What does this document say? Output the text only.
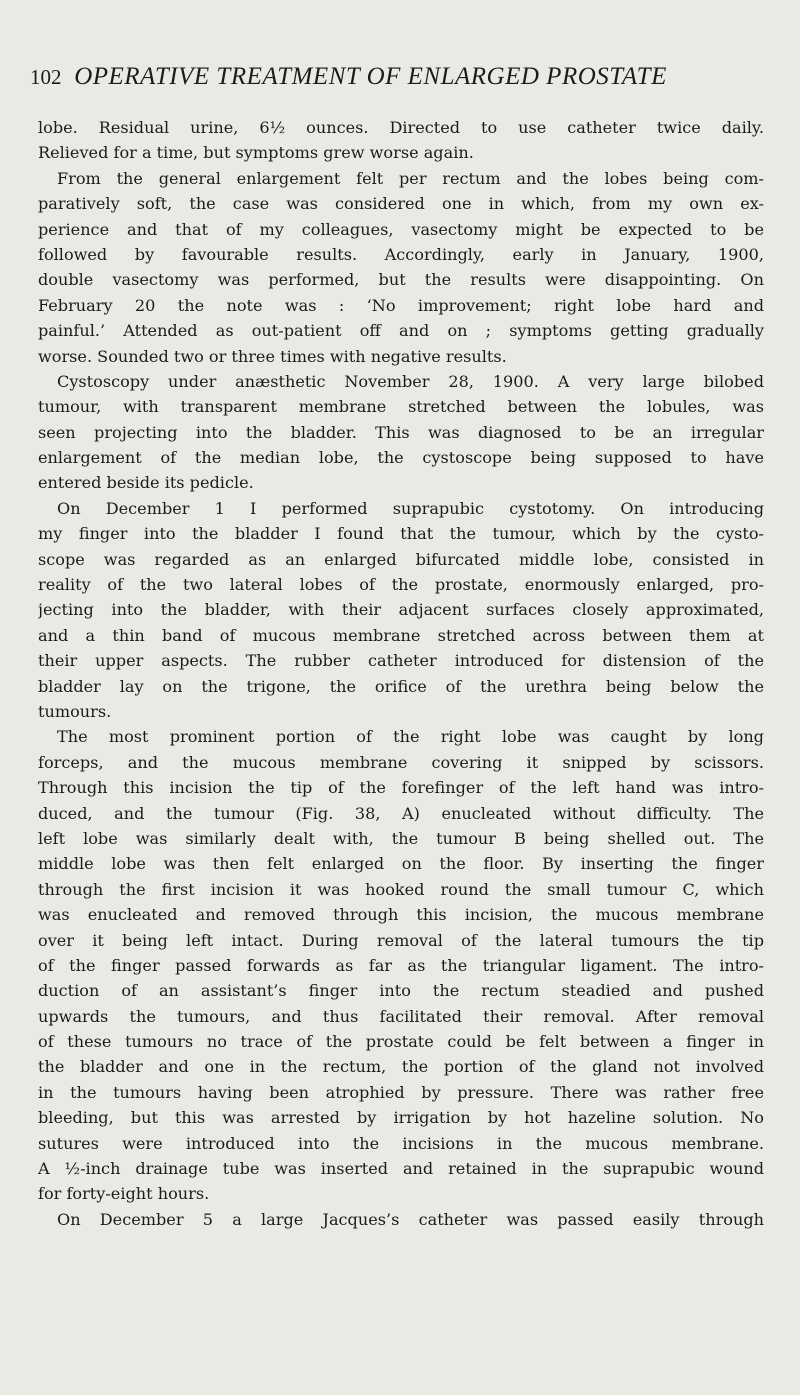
102 OPERATIVE TREATMENT OF ENLARGED PROSTATE
lobe. Residual urine, 6½ ounces. Directed to use catheter twice daily.
Relieved for a time, but symptoms grew worse again.
From the general enlargement felt per rectum and the lobes being com-
paratively soft, the case was considered one in which, from my own ex-
perience and that of my colleagues, vasectomy might be expected to be
followed by favourable results. Accordingly, early in January, 1900,
double vasectomy was performed, but the results were disappointing. On
February 20 the note was : ‘No improvement; right lobe hard and
painful.’ Attended as out-patient off and on ; symptoms getting gradually
worse. Sounded two or three times with negative results.
Cystoscopy under anæsthetic November 28, 1900. A very large bilobed
tumour, with transparent membrane stretched between the lobules, was
seen projecting into the bladder. This was diagnosed to be an irregular
enlargement of the median lobe, the cystoscope being supposed to have
entered beside its pedicle.
On December 1 I performed suprapubic cystotomy. On introducing
my finger into the bladder I found that the tumour, which by the cysto-
scope was regarded as an enlarged bifurcated middle lobe, consisted in
reality of the two lateral lobes of the prostate, enormously enlarged, pro-
jecting into the bladder, with their adjacent surfaces closely approximated,
and a thin band of mucous membrane stretched across between them at
their upper aspects. The rubber catheter introduced for distension of the
bladder lay on the trigone, the orifice of the urethra being below the
tumours.
The most prominent portion of the right lobe was caught by long
forceps, and the mucous membrane covering it snipped by scissors.
Through this incision the tip of the forefinger of the left hand was intro-
duced, and the tumour (Fig. 38, A) enucleated without difficulty. The
left lobe was similarly dealt with, the tumour B being shelled out. The
middle lobe was then felt enlarged on the floor. By inserting the finger
through the first incision it was hooked round the small tumour C, which
was enucleated and removed through this incision, the mucous membrane
over it being left intact. During removal of the lateral tumours the tip
of the finger passed forwards as far as the triangular ligament. The intro-
duction of an assistant’s finger into the rectum steadied and pushed
upwards the tumours, and thus facilitated their removal. After removal
of these tumours no trace of the prostate could be felt between a finger in
the bladder and one in the rectum, the portion of the gland not involved
in the tumours having been atrophied by pressure. There was rather free
bleeding, but this was arrested by irrigation by hot hazeline solution. No
sutures were introduced into the incisions in the mucous membrane.
A ½-inch drainage tube was inserted and retained in the suprapubic wound
for forty-eight hours.
On December 5 a large Jacques’s catheter was passed easily through
